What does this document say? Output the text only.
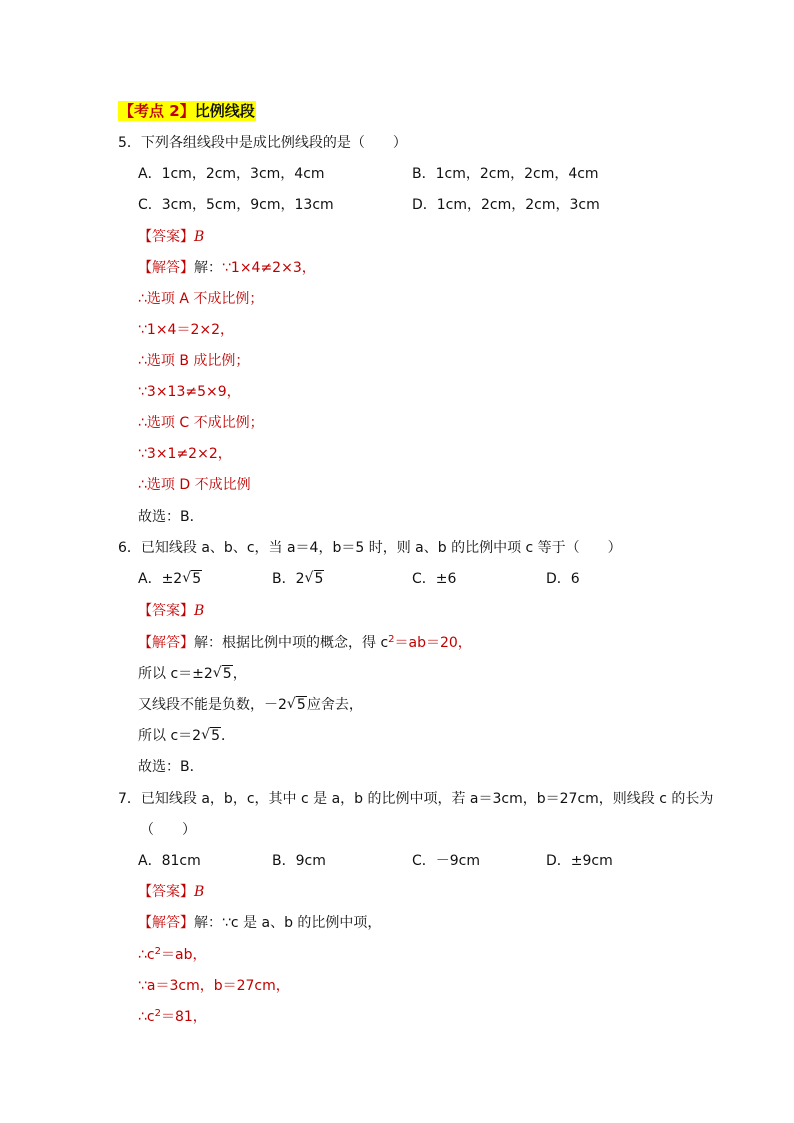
【考点 2】比例线段
5．下列各组线段中是成比例线段的是（　　）
A．1cm，2cm，3cm，4cm	B．1cm，2cm，2cm，4cm
C．3cm，5cm，9cm，13cm	D．1cm，2cm，2cm，3cm
【答案】B
【解答】解：∵1×4≠2×3，
∴选项 A 不成比例；
∵1×4＝2×2，
∴选项 B 成比例；
∵3×13≠5×9，
∴选项 C 不成比例；
∵3×1≠2×2，
∴选项 D 不成比例
故选：B．
6．已知线段 a、b、c，当 a＝4，b＝5 时，则 a、b 的比例中项 c 等于（　　）
A．±2 √ 5	B．2 √ 5	C．±6	D．6
【答案】B
【解答】解：根据比例中项的概念，得 $c^2=ab=20$，
所以 c＝±2 √ 5，
又线段不能是负数，－2 √ 5应舍去，
所以 c＝2 √ 5．
故选：B．
7．已知线段 a，b，c，其中 c 是 a，b 的比例中项，若 a＝3cm，b＝27cm，则线段 c 的长为
（　　）
A．81cm	B．9cm	C．－9cm	D．±9cm
【答案】B
【解答】解：∵c 是 a、b 的比例中项，
$\therefore c^2=ab$，
∵a＝3cm，b＝27cm，
$\therefore c^2=81$，
